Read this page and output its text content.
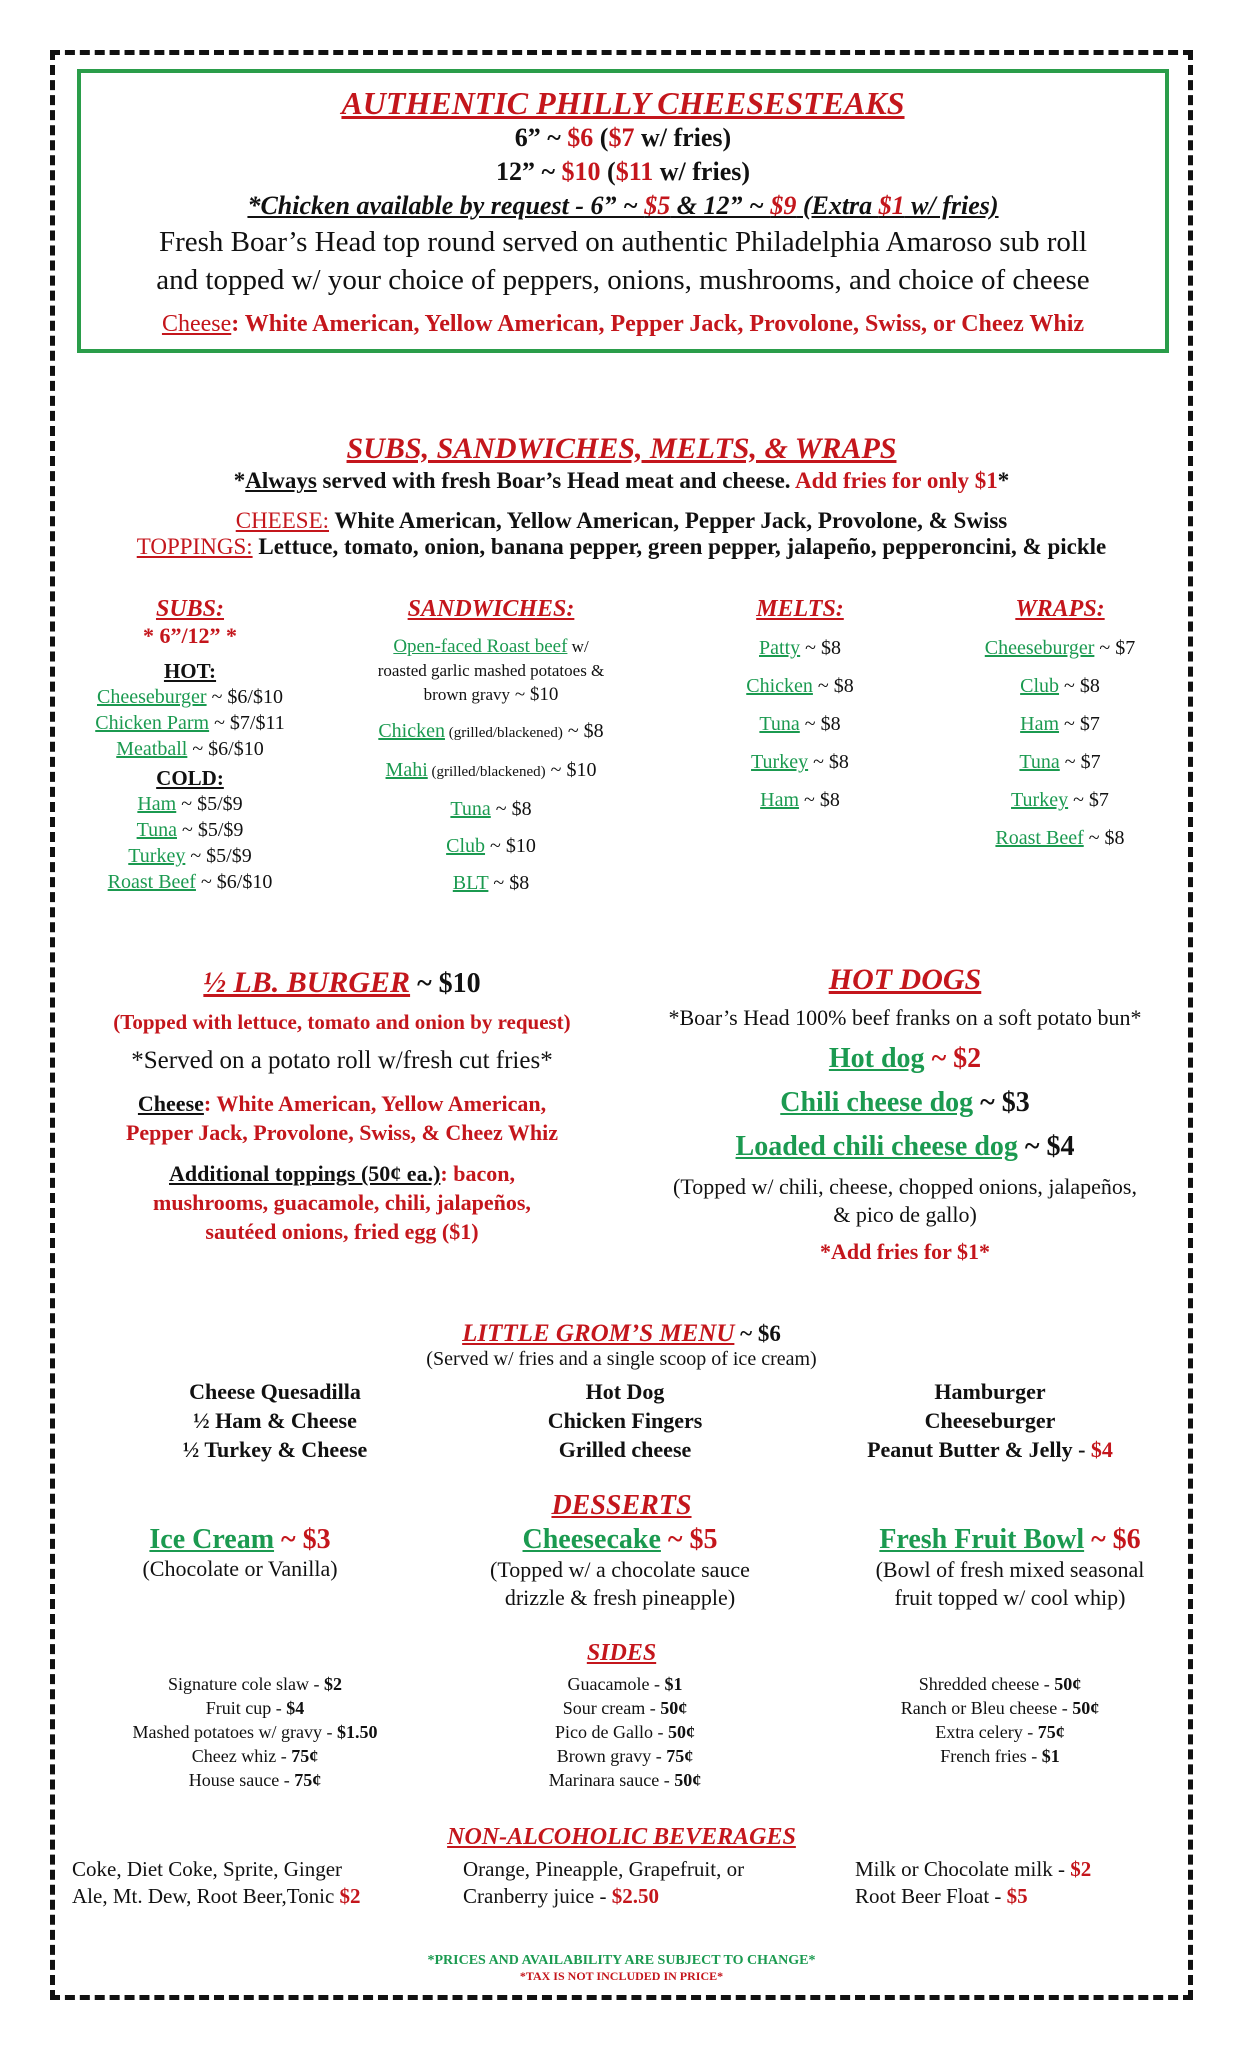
AUTHENTIC PHILLY CHEESESTEAKS
6” ~ $6 ($7 w/ fries)
12” ~ $10 ($11 w/ fries)
*Chicken available by request - 6” ~ $5 & 12” ~ $9 (Extra $1 w/ fries)
Fresh Boar’s Head top round served on authentic Philadelphia Amaroso sub roll
and topped w/ your choice of peppers, onions, mushrooms, and choice of cheese
Cheese: White American, Yellow American, Pepper Jack, Provolone, Swiss, or Cheez Whiz
SUBS, SANDWICHES, MELTS, & WRAPS
*Always served with fresh Boar’s Head meat and cheese. Add fries for only $1*
CHEESE: White American, Yellow American, Pepper Jack, Provolone, & Swiss
TOPPINGS: Lettuce, tomato, onion, banana pepper, green pepper, jalapeño, pepperoncini, & pickle
SUBS:
* 6”/12” *
HOT:
Cheeseburger ~ $6/$10
Chicken Parm ~ $7/$11
Meatball ~ $6/$10
COLD:
Ham ~ $5/$9
Tuna ~ $5/$9
Turkey ~ $5/$9
Roast Beef ~ $6/$10
SANDWICHES:
Open-faced Roast beef w/
roasted garlic mashed potatoes &
brown gravy ~ $10
Chicken (grilled/blackened) ~ $8
Mahi (grilled/blackened) ~ $10
Tuna ~ $8
Club ~ $10
BLT ~ $8
MELTS:
Patty ~ $8
Chicken ~ $8
Tuna ~ $8
Turkey ~ $8
Ham ~ $8
WRAPS:
Cheeseburger ~ $7
Club ~ $8
Ham ~ $7
Tuna ~ $7
Turkey ~ $7
Roast Beef ~ $8
½ LB. BURGER ~ $10
(Topped with lettuce, tomato and onion by request)
*Served on a potato roll w/fresh cut fries*
Cheese: White American, Yellow American,
Pepper Jack, Provolone, Swiss, & Cheez Whiz
Additional toppings (50¢ ea.): bacon,
mushrooms, guacamole, chili, jalapeños,
sautéed onions, fried egg ($1)
HOT DOGS
*Boar’s Head 100% beef franks on a soft potato bun*
Hot dog ~ $2
Chili cheese dog ~ $3
Loaded chili cheese dog ~ $4
(Topped w/ chili, cheese, chopped onions, jalapeños,
& pico de gallo)
*Add fries for $1*
LITTLE GROM’S MENU ~ $6
(Served w/ fries and a single scoop of ice cream)
Cheese Quesadilla
½ Ham & Cheese
½ Turkey & Cheese
Hot Dog
Chicken Fingers
Grilled cheese
Hamburger
Cheeseburger
Peanut Butter & Jelly - $4
DESSERTS
Ice Cream ~ $3
(Chocolate or Vanilla)
Cheesecake ~ $5
(Topped w/ a chocolate sauce
drizzle & fresh pineapple)
Fresh Fruit Bowl ~ $6
(Bowl of fresh mixed seasonal
fruit topped w/ cool whip)
SIDES
Signature cole slaw - $2
Fruit cup - $4
Mashed potatoes w/ gravy - $1.50
Cheez whiz - 75¢
House sauce - 75¢
Guacamole - $1
Sour cream - 50¢
Pico de Gallo - 50¢
Brown gravy - 75¢
Marinara sauce - 50¢
Shredded cheese - 50¢
Ranch or Bleu cheese - 50¢
Extra celery - 75¢
French fries - $1
NON-ALCOHOLIC BEVERAGES
Coke, Diet Coke, Sprite, Ginger
Ale, Mt. Dew, Root Beer,Tonic $2
Orange, Pineapple, Grapefruit, or
Cranberry juice - $2.50
Milk or Chocolate milk - $2
Root Beer Float - $5
*PRICES AND AVAILABILITY ARE SUBJECT TO CHANGE*
*TAX IS NOT INCLUDED IN PRICE*
